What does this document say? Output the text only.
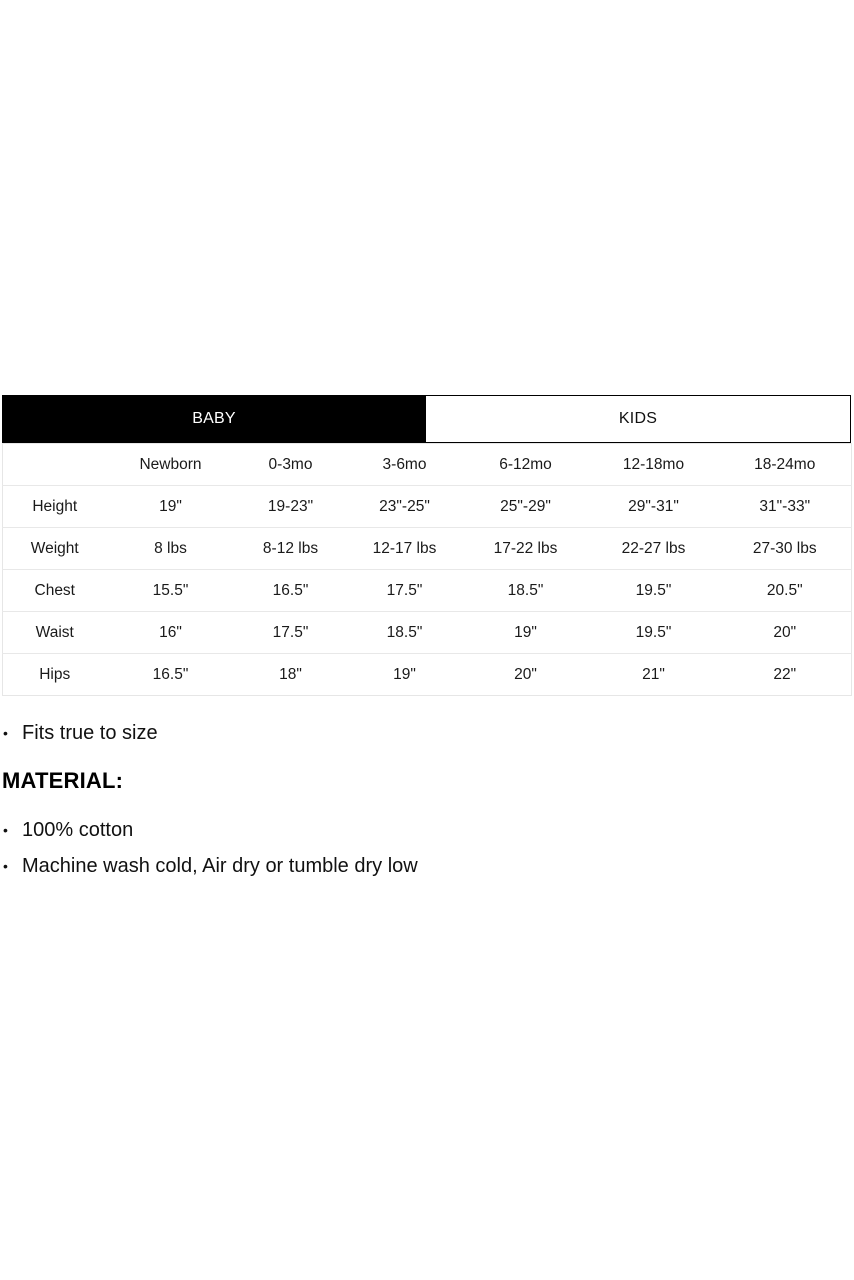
BABY	KIDS
	Newborn	0-3mo	3-6mo	6-12mo	12-18mo	18-24mo
Height	19"	19-23"	23"-25"	25"-29"	29"-31"	31"-33"
Weight	8 lbs	8-12 lbs	12-17 lbs	17-22 lbs	22-27 lbs	27-30 lbs
Chest	15.5"	16.5"	17.5"	18.5"	19.5"	20.5"
Waist	16"	17.5"	18.5"	19"	19.5"	20"
Hips	16.5"	18"	19"	20"	21"	22"
• Fits true to size
MATERIAL:
• 100% cotton
• Machine wash cold, Air dry or tumble dry low
